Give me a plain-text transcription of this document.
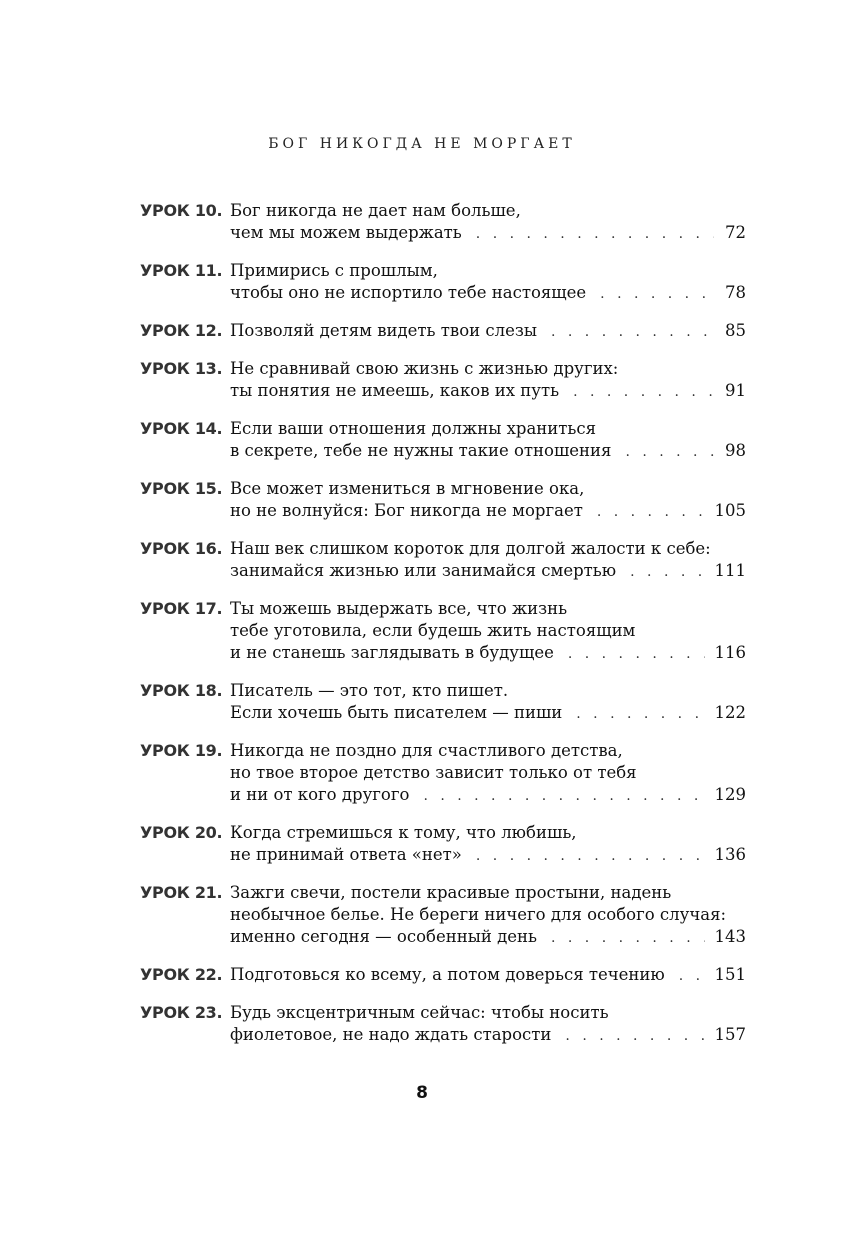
БОГ НИКОГДА НЕ МОРГАЕТ
УРОК 10. Бог никогда не дает нам больше,
чем мы можем выдержать . . .	72
УРОК 11. Примирись с прошлым,
чтобы оно не испортило тебе настоящее . . .	78
УРОК 12. Позволяй детям видеть твои слезы . . .	85
УРОК 13. Не сравнивай свою жизнь с жизнью других:
ты понятия не имеешь, каков их путь . . .	91
УРОК 14. Если ваши отношения должны храниться
в секрете, тебе не нужны такие отношения . . .	98
УРОК 15. Все может измениться в мгновение ока,
но не волнуйся: Бог никогда не моргает . . .	105
УРОК 16. Наш век слишком короток для долгой жалости к себе:
занимайся жизнью или занимайся смертью . . .	111
УРОК 17. Ты можешь выдержать все, что жизнь
тебе уготовила, если будешь жить настоящим
и не станешь заглядывать в будущее . . .	116
УРОК 18. Писатель — это тот, кто пишет.
Если хочешь быть писателем — пиши . . .	122
УРОК 19. Никогда не поздно для счастливого детства,
но твое второе детство зависит только от тебя
и ни от кого другого . . .	129
УРОК 20. Когда стремишься к тому, что любишь,
не принимай ответа «нет» . . .	136
УРОК 21. Зажги свечи, постели красивые простыни, надень
необычное белье. Не береги ничего для особого случая:
именно сегодня — особенный день . . .	143
УРОК 22. Подготовься ко всему, а потом доверься течению . . .	151
УРОК 23. Будь эксцентричным сейчас: чтобы носить
фиолетовое, не надо ждать старости . . .	157
8
